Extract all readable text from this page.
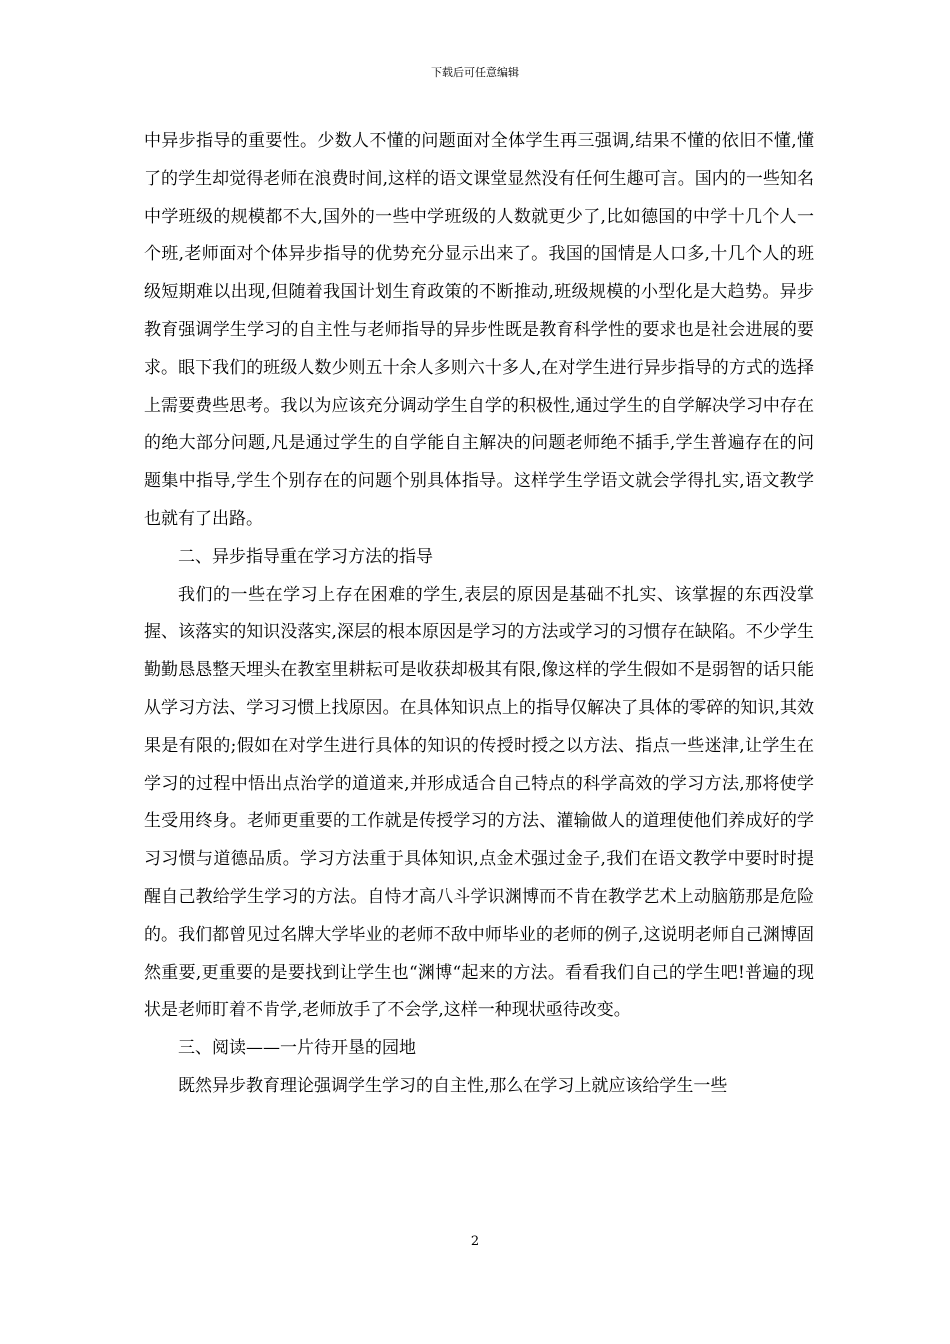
下载后可任意编辑

中异步指导的重要性。少数人不懂的问题面对全体学生再三强调,结果不懂的依旧不懂,懂了的学生却觉得老师在浪费时间,这样的语文课堂显然没有任何生趣可言。国内的一些知名中学班级的规模都不大,国外的一些中学班级的人数就更少了,比如德国的中学十几个人一个班,老师面对个体异步指导的优势充分显示出来了。我国的国情是人口多,十几个人的班级短期难以出现,但随着我国计划生育政策的不断推动,班级规模的小型化是大趋势。异步教育强调学生学习的自主性与老师指导的异步性既是教育科学性的要求也是社会进展的要求。眼下我们的班级人数少则五十余人多则六十多人,在对学生进行异步指导的方式的选择上需要费些思考。我以为应该充分调动学生自学的积极性,通过学生的自学解决学习中存在的绝大部分问题,凡是通过学生的自学能自主解决的问题老师绝不插手,学生普遍存在的问题集中指导,学生个别存在的问题个别具体指导。这样学生学语文就会学得扎实,语文教学也就有了出路。

二、异步指导重在学习方法的指导

我们的一些在学习上存在困难的学生,表层的原因是基础不扎实、该掌握的东西没掌握、该落实的知识没落实,深层的根本原因是学习的方法或学习的习惯存在缺陷。不少学生勤勤恳恳整天埋头在教室里耕耘可是收获却极其有限,像这样的学生假如不是弱智的话只能从学习方法、学习习惯上找原因。在具体知识点上的指导仅解决了具体的零碎的知识,其效果是有限的;假如在对学生进行具体的知识的传授时授之以方法、指点一些迷津,让学生在学习的过程中悟出点治学的道道来,并形成适合自己特点的科学高效的学习方法,那将使学生受用终身。老师更重要的工作就是传授学习的方法、灌输做人的道理使他们养成好的学习习惯与道德品质。学习方法重于具体知识,点金术强过金子,我们在语文教学中要时时提醒自己教给学生学习的方法。自恃才高八斗学识渊博而不肯在教学艺术上动脑筋那是危险的。我们都曾见过名牌大学毕业的老师不敌中师毕业的老师的例子,这说明老师自己渊博固然重要,更重要的是要找到让学生也“渊博“起来的方法。看看我们自己的学生吧!普遍的现状是老师盯着不肯学,老师放手了不会学,这样一种现状亟待改变。

三、阅读——一片待开垦的园地

既然异步教育理论强调学生学习的自主性,那么在学习上就应该给学生一些

2
